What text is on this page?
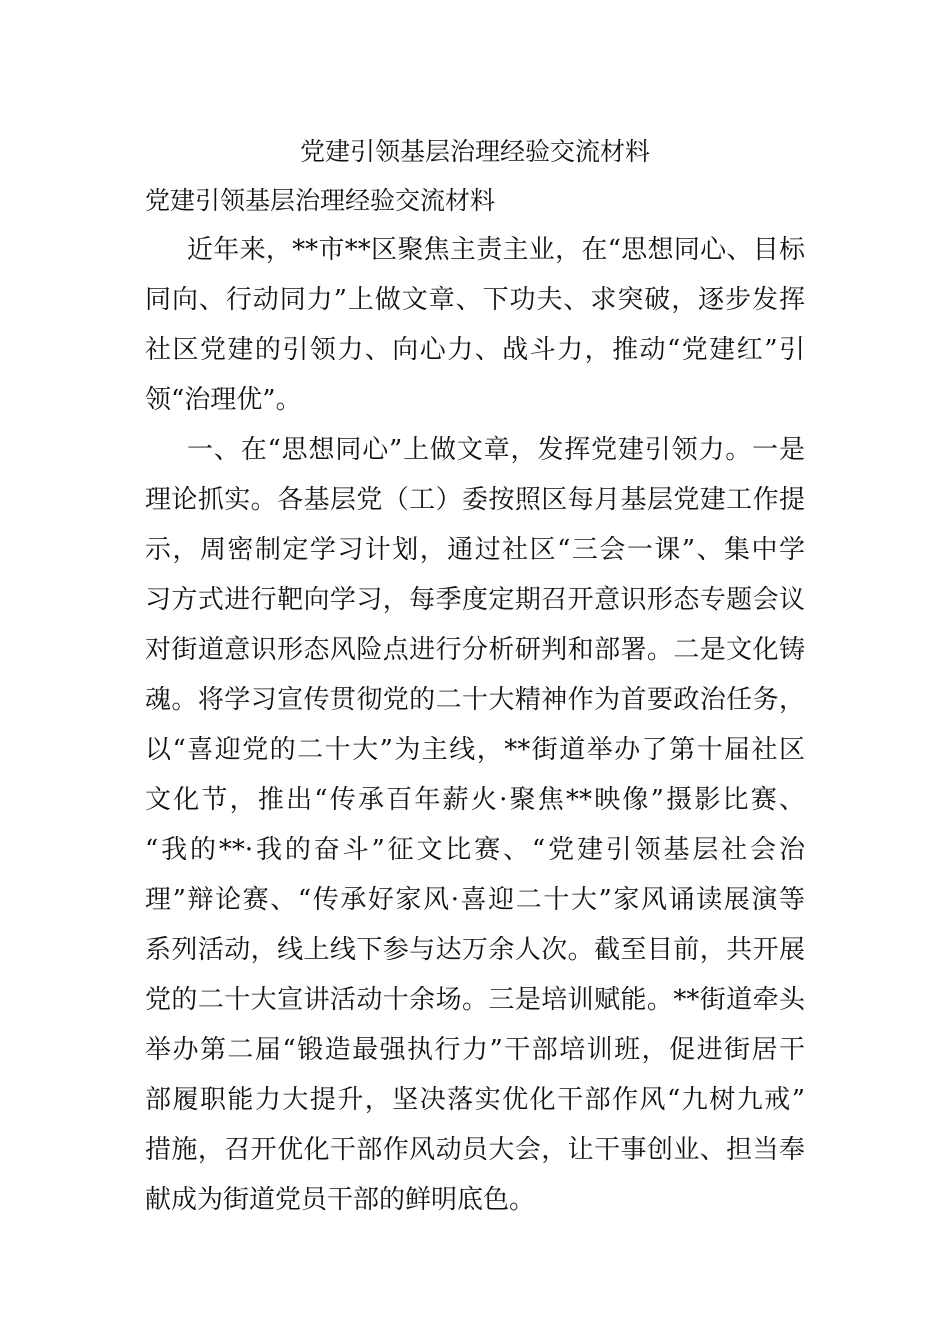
党建引领基层治理经验交流材料
党建引领基层治理经验交流材料
近年来，**市**区聚焦主责主业，在“思想同心、目标
同向、行动同力”上做文章、下功夫、求突破，逐步发挥
社区党建的引领力、向心力、战斗力，推动“党建红”引
领“治理优”。
一、在“思想同心”上做文章，发挥党建引领力。一是
理论抓实。各基层党（工）委按照区每月基层党建工作提
示，周密制定学习计划，通过社区“三会一课”、集中学
习方式进行靶向学习，每季度定期召开意识形态专题会议
对街道意识形态风险点进行分析研判和部署。二是文化铸
魂。将学习宣传贯彻党的二十大精神作为首要政治任务，
以“喜迎党的二十大”为主线，**街道举办了第十届社区
文化节，推出“传承百年薪火·聚焦**映像”摄影比赛、
“我的**·我的奋斗”征文比赛、“党建引领基层社会治
理”辩论赛、“传承好家风·喜迎二十大”家风诵读展演等
系列活动，线上线下参与达万余人次。截至目前，共开展
党的二十大宣讲活动十余场。三是培训赋能。**街道牵头
举办第二届“锻造最强执行力”干部培训班，促进街居干
部履职能力大提升，坚决落实优化干部作风“九树九戒”
措施，召开优化干部作风动员大会，让干事创业、担当奉
献成为街道党员干部的鲜明底色。
